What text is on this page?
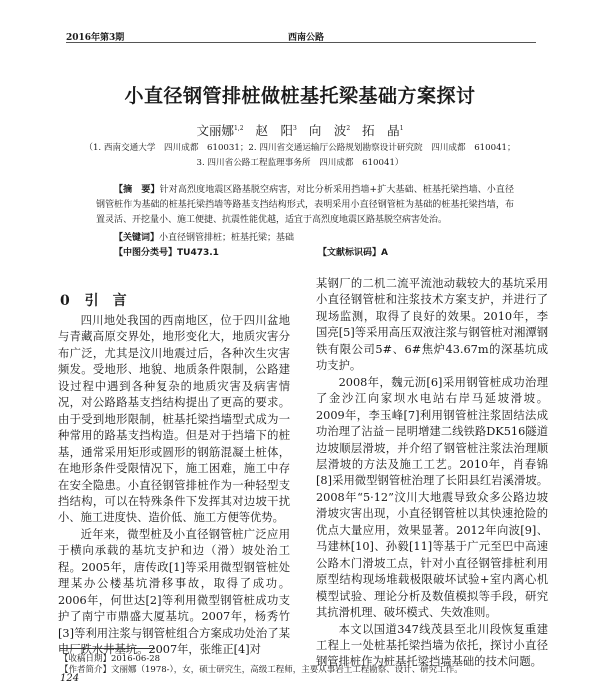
2016年第3期	西南公路
小直径钢管排桩做桩基托梁基础方案探讨
文丽娜$^{1,2}$ 赵　阳$^3$ 向　波$^2$ 拓　晶$^1$
（1. 西南交通大学　四川成都　610031；2. 四川省交通运输厅公路规划勘察设计研究院　四川成都　610041；
3. 四川省公路工程监理事务所　四川成都　610041）
【摘　要】针对高烈度地震区路基脱空病害，对比分析采用挡墙+扩大基础、桩基托梁挡墙、小直径钢管桩作为基础的桩基托梁挡墙等路基支挡结构形式，表明采用小直径钢管桩为基础的桩基托梁挡墙，布置灵活、开挖量小、施工便捷、抗震性能优越，适宜于高烈度地震区路基脱空病害处治。
【关键词】小直径钢管排桩；桩基托梁；基础
【中图分类号】TU473.1	【文献标识码】A
0 引　言

四川地处我国的西南地区，位于四川盆地与青藏高原交界处，地形变化大，地质灾害分布广泛，尤其是汶川地震过后，各种次生灾害频发。受地形、地貌、地质条件限制，公路建设过程中遇到各种复杂的地质灾害及病害情况，对公路路基支挡结构提出了更高的要求。由于受到地形限制，桩基托梁挡墙型式成为一种常用的路基支挡构造。但是对于挡墙下的桩基，通常采用矩形或圆形的钢筋混凝土桩体，在地形条件受限情况下，施工困难，施工中存在安全隐患。小直径钢管排桩作为一种轻型支挡结构，可以在特殊条件下发挥其对边坡干扰小、施工进度快、造价低、施工方便等优势。

近年来，微型桩及小直径钢管桩广泛应用于横向承载的基坑支护和边（滑）坡处治工程。2005年，唐传政[1]等采用微型钢管桩处理某办公楼基坑滑移事故，取得了成功。2006年，何世达[2]等利用微型钢管桩成功支护了南宁市鼎盛大厦基坑。2007年，杨秀竹[3]等利用注浆与钢管桩组合方案成功处治了某电厂跌水井基坑。2007年，张维正[4]对

某钢厂的二机二流平流池动载较大的基坑采用小直径钢管桩和注浆技术方案支护，并进行了现场监测，取得了良好的效果。2010年，李国亮[5]等采用高压双液注浆与钢管桩对湘潭钢铁有限公司5#、6#焦炉43.67m的深基坑成功支护。

2008年，魏元沥[6]采用钢管桩成功治理了金沙江向家坝水电站右岸马延坡滑坡。2009年，李玉峰[7]利用钢管桩注浆固结法成功治理了沾益－昆明增建二线铁路DK516隧道边坡顺层滑坡，并介绍了钢管桩注浆法治理顺层滑坡的方法及施工工艺。2010年，肖春锦[8]采用微型钢管桩治理了长阳县红岩溪滑坡。2008年“5·12”汶川大地震导致众多公路边坡滑坡灾害出现，小直径钢管桩以其快速抢险的优点大量应用，效果显著。2012年向波[9]、马建林[10]、孙毅[11]等基于广元至巴中高速公路木门滑坡工点，针对小直径钢管排桩利用原型结构现场堆载极限破坏试验+室内离心机模型试验、理论分析及数值模拟等手段，研究其抗滑机理、破坏模式、失效准则。

本文以国道347线茂县至北川段恢复重建工程上一处桩基托梁挡墙为依托，探讨小直径钢管排桩作为桩基托梁挡墙基础的技术问题。

【收稿日期】2016-06-28
【作者简介】文丽娜（1978-），女，硕士研究生，高级工程师，主要从事岩土工程勘察、设计、研究工作。
124
